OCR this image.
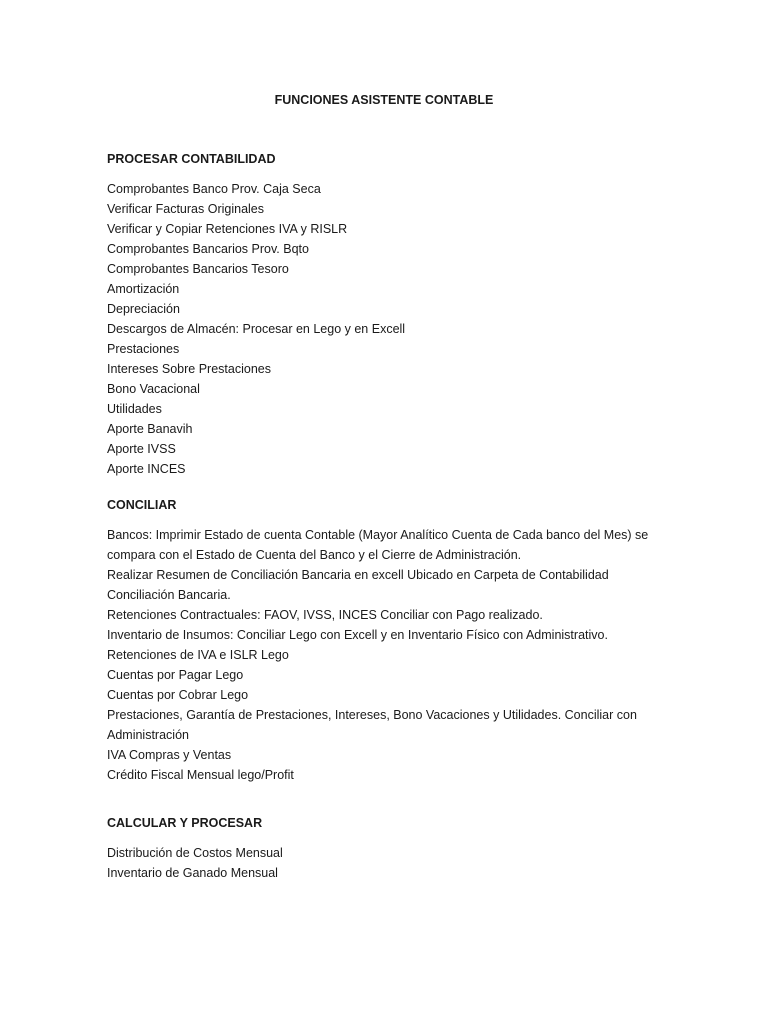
FUNCIONES ASISTENTE CONTABLE
PROCESAR CONTABILIDAD
Comprobantes Banco Prov. Caja Seca
Verificar Facturas Originales
Verificar y Copiar Retenciones IVA y RISLR
Comprobantes Bancarios Prov. Bqto
Comprobantes Bancarios Tesoro
Amortización
Depreciación
Descargos de Almacén: Procesar en Lego y en Excell
Prestaciones
Intereses Sobre Prestaciones
Bono Vacacional
Utilidades
Aporte Banavih
Aporte IVSS
Aporte INCES
CONCILIAR
Bancos: Imprimir Estado de cuenta Contable (Mayor Analítico Cuenta de Cada banco del Mes) se
compara con el Estado de Cuenta del Banco y el Cierre de Administración.
Realizar Resumen de Conciliación Bancaria en excell Ubicado en Carpeta de Contabilidad
Conciliación Bancaria.
Retenciones Contractuales: FAOV, IVSS, INCES Conciliar con Pago realizado.
Inventario de Insumos: Conciliar Lego con Excell y en Inventario Físico con Administrativo.
Retenciones de IVA e ISLR Lego
Cuentas por Pagar Lego
Cuentas por Cobrar Lego
Prestaciones, Garantía de Prestaciones, Intereses, Bono Vacaciones y Utilidades. Conciliar con
Administración
IVA Compras y Ventas
Crédito Fiscal Mensual lego/Profit
CALCULAR Y PROCESAR
Distribución de Costos Mensual
Inventario de Ganado Mensual
